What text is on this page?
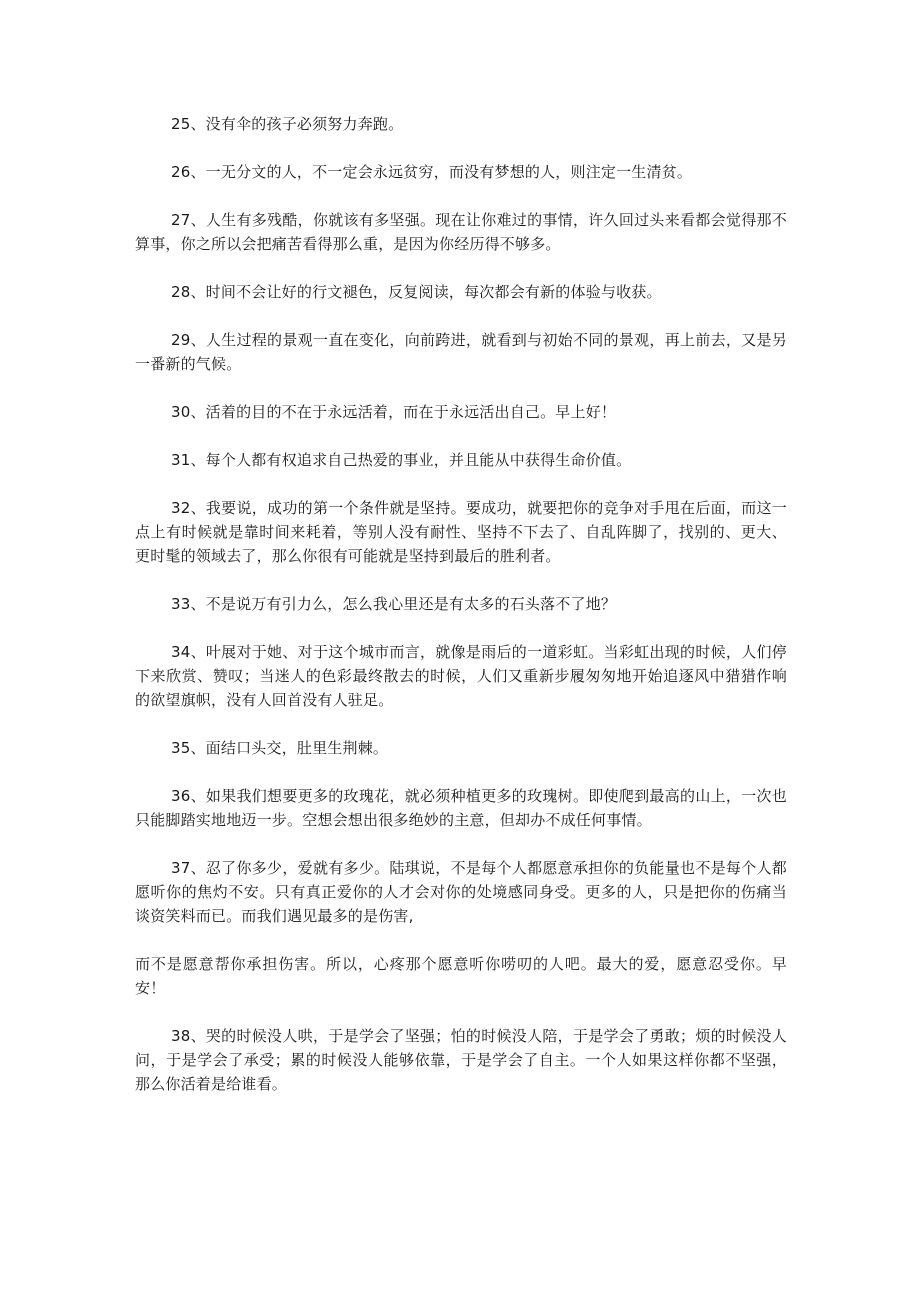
25、没有伞的孩子必须努力奔跑。

26、一无分文的人，不一定会永远贫穷，而没有梦想的人，则注定一生清贫。

27、人生有多残酷，你就该有多坚强。现在让你难过的事情，许久回过头来看都会觉得那不算事，你之所以会把痛苦看得那么重，是因为你经历得不够多。

28、时间不会让好的行文褪色，反复阅读，每次都会有新的体验与收获。

29、人生过程的景观一直在变化，向前跨进，就看到与初始不同的景观，再上前去，又是另一番新的气候。

30、活着的目的不在于永远活着，而在于永远活出自己。早上好！

31、每个人都有权追求自己热爱的事业，并且能从中获得生命价值。

32、我要说，成功的第一个条件就是坚持。要成功，就要把你的竞争对手甩在后面，而这一点上有时候就是靠时间来耗着，等别人没有耐性、坚持不下去了、自乱阵脚了，找别的、更大、更时髦的领域去了，那么你很有可能就是坚持到最后的胜利者。

33、不是说万有引力么，怎么我心里还是有太多的石头落不了地？

34、叶展对于她、对于这个城市而言，就像是雨后的一道彩虹。当彩虹出现的时候，人们停下来欣赏、赞叹；当迷人的色彩最终散去的时候，人们又重新步履匆匆地开始追逐风中猎猎作响的欲望旗帜，没有人回首没有人驻足。

35、面结口头交，肚里生荆棘。

36、如果我们想要更多的玫瑰花，就必须种植更多的玫瑰树。即使爬到最高的山上，一次也只能脚踏实地地迈一步。空想会想出很多绝妙的主意，但却办不成任何事情。

37、忍了你多少，爱就有多少。陆琪说，不是每个人都愿意承担你的负能量也不是每个人都愿听你的焦灼不安。只有真正爱你的人才会对你的处境感同身受。更多的人，只是把你的伤痛当谈资笑料而已。而我们遇见最多的是伤害,

而不是愿意帮你承担伤害。所以，心疼那个愿意听你唠叨的人吧。最大的爱，愿意忍受你。早安！

38、哭的时候没人哄，于是学会了坚强；怕的时候没人陪，于是学会了勇敢；烦的时候没人问，于是学会了承受；累的时候没人能够依靠，于是学会了自主。一个人如果这样你都不坚强，那么你活着是给谁看。
